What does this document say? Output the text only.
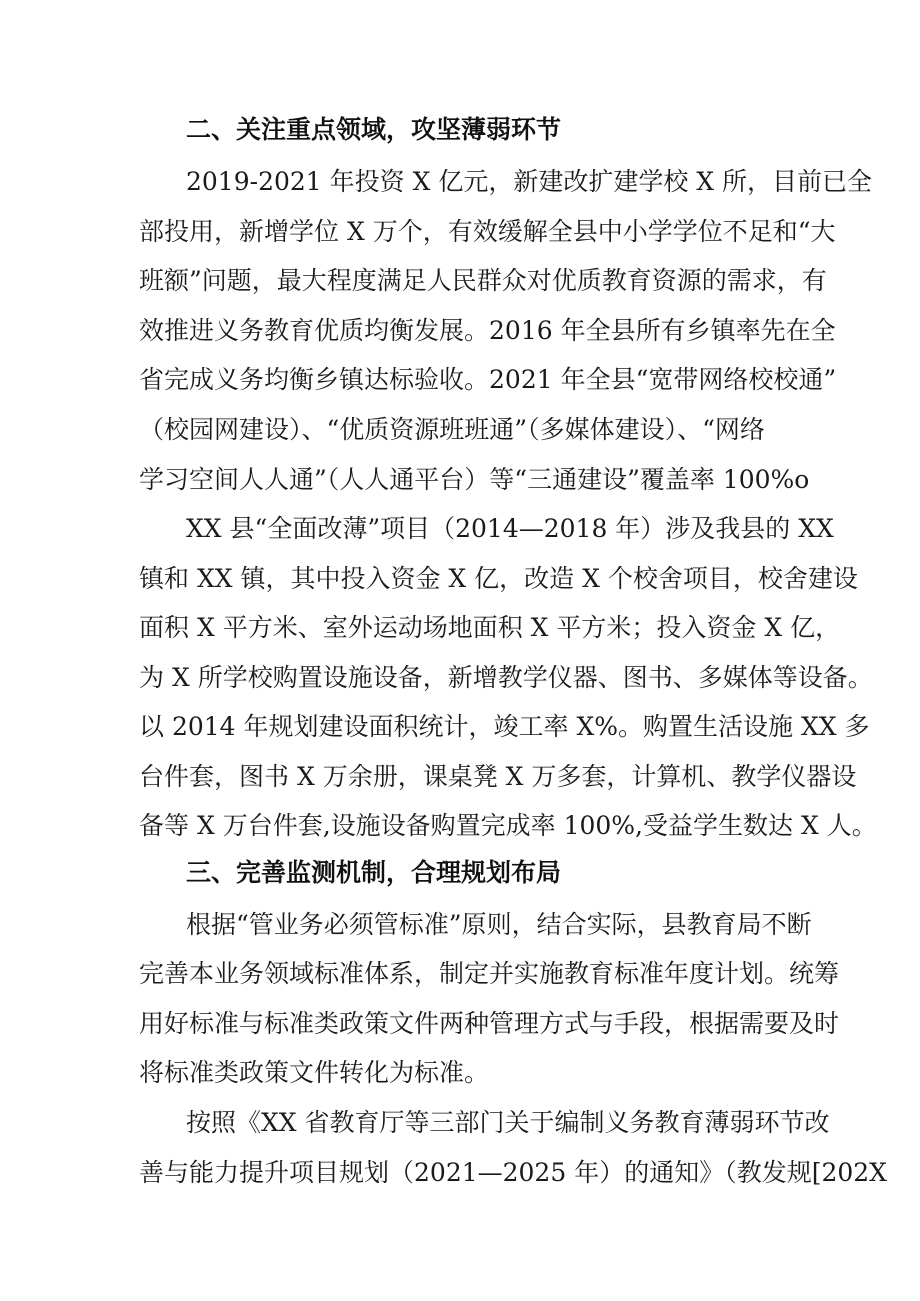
二、关注重点领域，攻坚薄弱环节
2019-2021 年投资 X 亿元，新建改扩建学校 X 所，目前已全
部投用，新增学位 X 万个，有效缓解全县中小学学位不足和“大
班额”问题，最大程度满足人民群众对优质教育资源的需求，有
效推进义务教育优质均衡发展。2016 年全县所有乡镇率先在全
省完成义务均衡乡镇达标验收。2021 年全县“宽带网络校校通”
（校园网建设）、“优质资源班班通”（多媒体建设）、“网络
学习空间人人通”（人人通平台）等“三通建设”覆盖率 100%o
XX 县“全面改薄”项目（2014—2018 年）涉及我县的 XX
镇和 XX 镇，其中投入资金 X 亿，改造 X 个校舍项目，校舍建设
面积 X 平方米、室外运动场地面积 X 平方米；投入资金 X 亿，
为 X 所学校购置设施设备，新增教学仪器、图书、多媒体等设备。
以 2014 年规划建设面积统计，竣工率 X%。购置生活设施 XX 多
台件套，图书 X 万余册，课桌凳 X 万多套，计算机、教学仪器设
备等 X 万台件套,设施设备购置完成率 100%,受益学生数达 X 人。
三、完善监测机制，合理规划布局
根据“管业务必须管标准”原则，结合实际，县教育局不断
完善本业务领域标准体系，制定并实施教育标准年度计划。统筹
用好标准与标准类政策文件两种管理方式与手段，根据需要及时
将标准类政策文件转化为标准。
按照《XX 省教育厅等三部门关于编制义务教育薄弱环节改
善与能力提升项目规划（2021—2025 年）的通知》（教发规[202X
